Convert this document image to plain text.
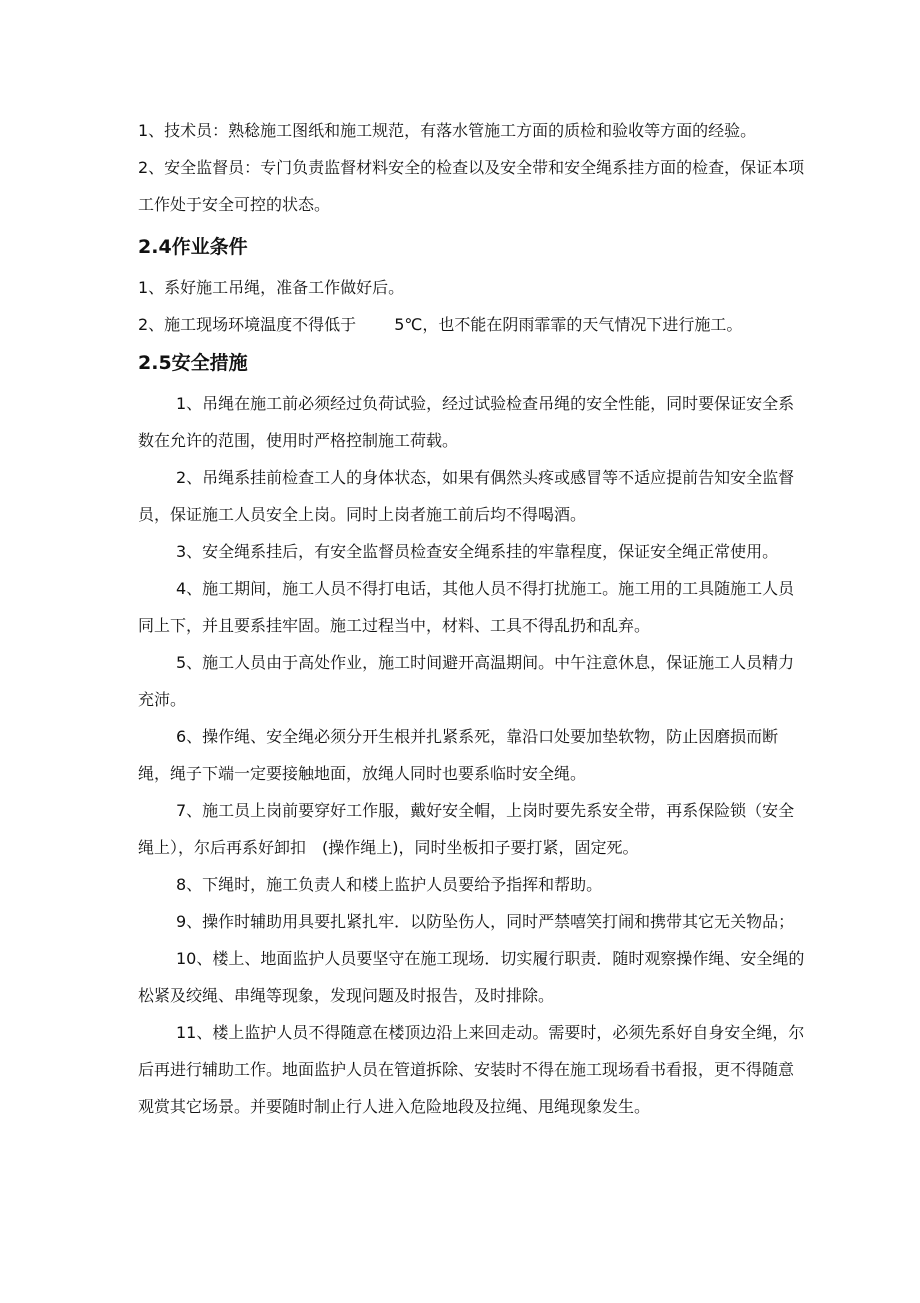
1、技术员：熟稔施工图纸和施工规范，有落水管施工方面的质检和验收等方面的经验。

2、安全监督员：专门负责监督材料安全的检查以及安全带和安全绳系挂方面的检查，保证本项工作处于安全可控的状态。

2.4作业条件

1、系好施工吊绳，准备工作做好后。

2、施工现场环境温度不得低于 5℃，也不能在阴雨霏霏的天气情况下进行施工。

2.5安全措施

1、吊绳在施工前必须经过负荷试验，经过试验检查吊绳的安全性能，同时要保证安全系数在允许的范围，使用时严格控制施工荷载。

2、吊绳系挂前检查工人的身体状态，如果有偶然头疼或感冒等不适应提前告知安全监督员，保证施工人员安全上岗。同时上岗者施工前后均不得喝酒。

3、安全绳系挂后，有安全监督员检查安全绳系挂的牢靠程度，保证安全绳正常使用。

4、施工期间，施工人员不得打电话，其他人员不得打扰施工。施工用的工具随施工人员同上下，并且要系挂牢固。施工过程当中，材料、工具不得乱扔和乱弃。

5、施工人员由于高处作业，施工时间避开高温期间。中午注意休息，保证施工人员精力充沛。

6、操作绳、安全绳必须分开生根并扎紧系死，靠沿口处要加垫软物，防止因磨损而断绳，绳子下端一定要接触地面，放绳人同时也要系临时安全绳。

7、施工员上岗前要穿好工作服，戴好安全帽，上岗时要先系安全带，再系保险锁（安全绳上），尔后再系好卸扣　(操作绳上)，同时坐板扣子要打紧，固定死。

8、下绳时，施工负责人和楼上监护人员要给予指挥和帮助。

9、操作时辅助用具要扎紧扎牢．以防坠伤人，同时严禁嘻笑打闹和携带其它无关物品；

10、楼上、地面监护人员要坚守在施工现场．切实履行职责．随时观察操作绳、安全绳的松紧及绞绳、串绳等现象，发现问题及时报告，及时排除。

11、楼上监护人员不得随意在楼顶边沿上来回走动。需要时，必须先系好自身安全绳，尔后再进行辅助工作。地面监护人员在管道拆除、安装时不得在施工现场看书看报，更不得随意观赏其它场景。并要随时制止行人进入危险地段及拉绳、甩绳现象发生。
